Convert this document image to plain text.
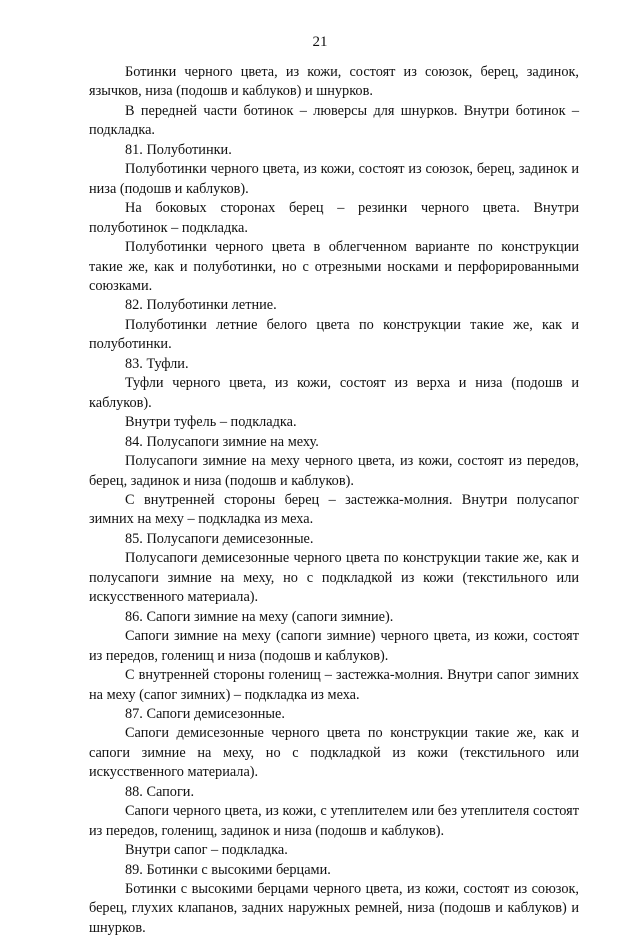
21

Ботинки черного цвета, из кожи, состоят из союзок, берец, задинок, язычков, низа (подошв и каблуков) и шнурков.

В передней части ботинок – люверсы для шнурков. Внутри ботинок – подкладка.

81. Полуботинки.

Полуботинки черного цвета, из кожи, состоят из союзок, берец, задинок и низа (подошв и каблуков).

На боковых сторонах берец – резинки черного цвета. Внутри полуботинок – подкладка.

Полуботинки черного цвета в облегченном варианте по конструкции такие же, как и полуботинки, но с отрезными носками и перфорированными союзками.

82. Полуботинки летние.

Полуботинки летние белого цвета по конструкции такие же, как и полуботинки.

83. Туфли.

Туфли черного цвета, из кожи, состоят из верха и низа (подошв и каблуков).

Внутри туфель – подкладка.

84. Полусапоги зимние на меху.

Полусапоги зимние на меху черного цвета, из кожи, состоят из передов, берец, задинок и низа (подошв и каблуков).

С внутренней стороны берец – застежка-молния. Внутри полусапог зимних на меху – подкладка из меха.

85. Полусапоги демисезонные.

Полусапоги демисезонные черного цвета по конструкции такие же, как и полусапоги зимние на меху, но с подкладкой из кожи (текстильного или искусственного материала).

86. Сапоги зимние на меху (сапоги зимние).

Сапоги зимние на меху (сапоги зимние) черного цвета, из кожи, состоят из передов, голенищ и низа (подошв и каблуков).

С внутренней стороны голенищ – застежка-молния. Внутри сапог зимних на меху (сапог зимних) – подкладка из меха.

87. Сапоги демисезонные.

Сапоги демисезонные черного цвета по конструкции такие же, как и сапоги зимние на меху, но с подкладкой из кожи (текстильного или искусственного материала).

88. Сапоги.

Сапоги черного цвета, из кожи, с утеплителем или без утеплителя состоят из передов, голенищ, задинок и низа (подошв и каблуков).

Внутри сапог – подкладка.

89. Ботинки с высокими берцами.

Ботинки с высокими берцами черного цвета, из кожи, состоят из союзок, берец, глухих клапанов, задних наружных ремней, низа (подошв и каблуков) и шнурков.
